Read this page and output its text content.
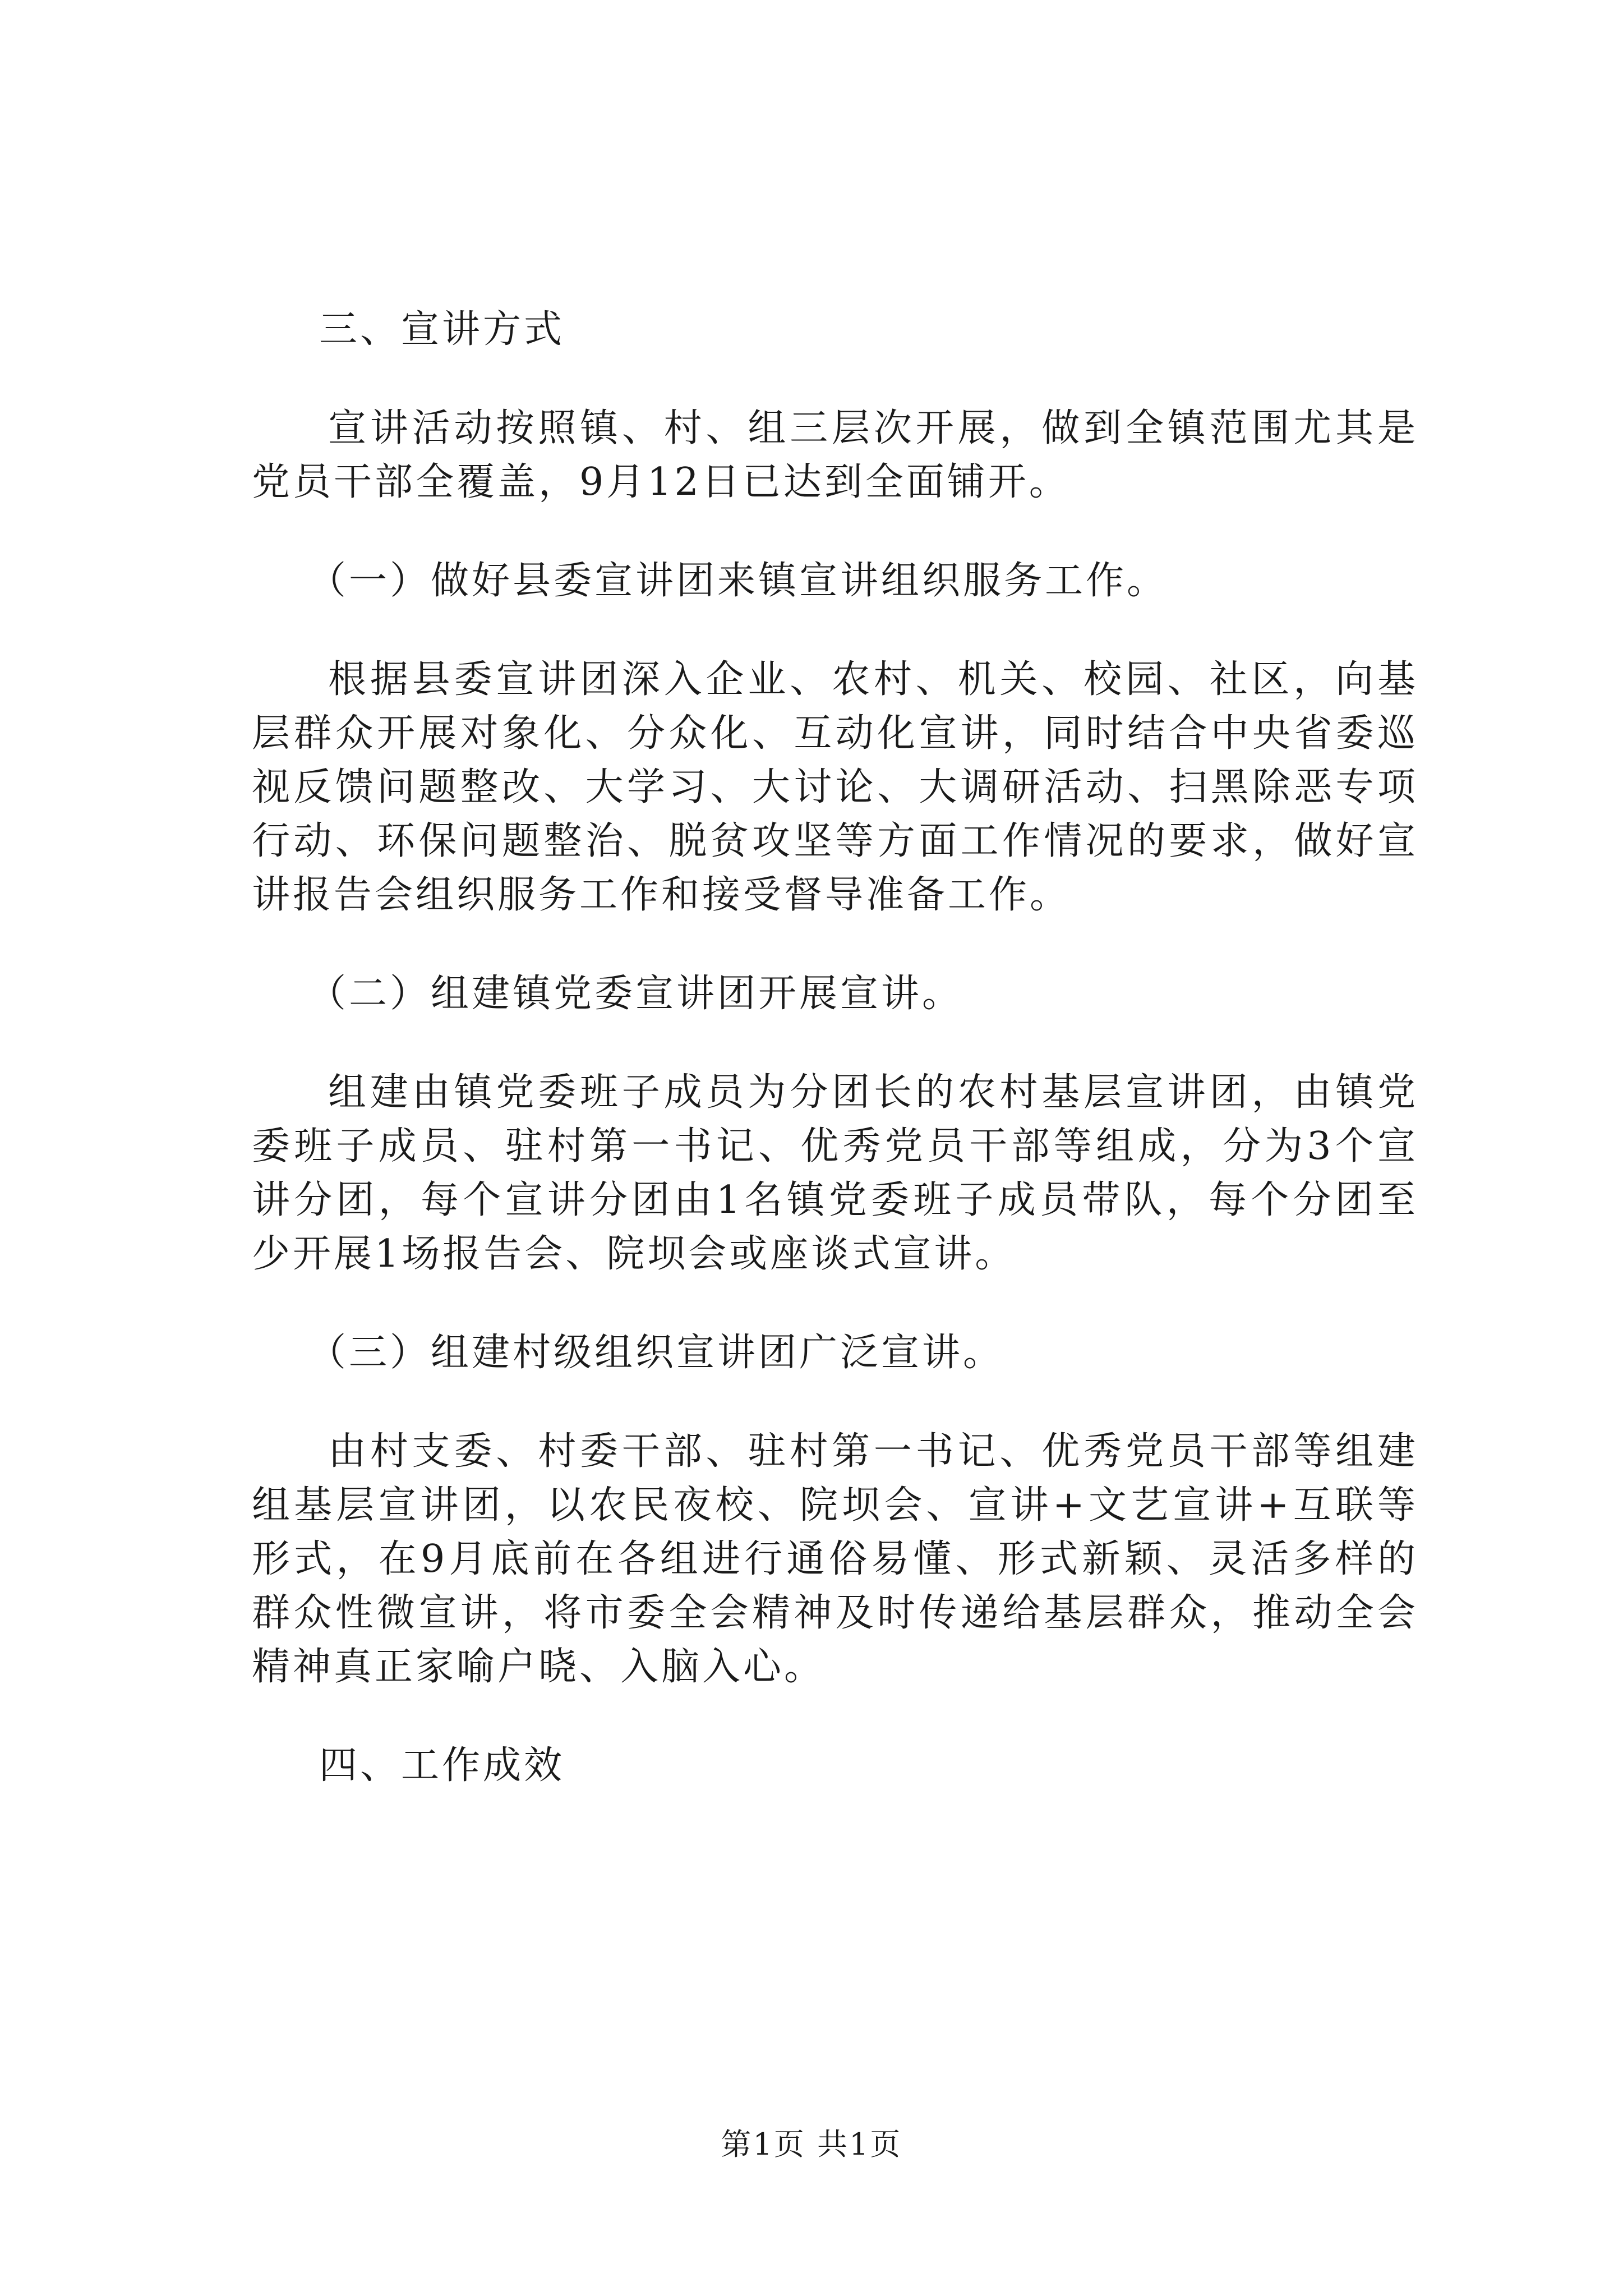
三、宣讲方式

宣讲活动按照镇、村、组三层次开展，做到全镇范围尤其是党员干部全覆盖，9月12日已达到全面铺开。

（一）做好县委宣讲团来镇宣讲组织服务工作。

根据县委宣讲团深入企业、农村、机关、校园、社区，向基层群众开展对象化、分众化、互动化宣讲，同时结合中央省委巡视反馈问题整改、大学习、大讨论、大调研活动、扫黑除恶专项行动、环保问题整治、脱贫攻坚等方面工作情况的要求，做好宣讲报告会组织服务工作和接受督导准备工作。

（二）组建镇党委宣讲团开展宣讲。

组建由镇党委班子成员为分团长的农村基层宣讲团，由镇党委班子成员、驻村第一书记、优秀党员干部等组成，分为3个宣讲分团，每个宣讲分团由1名镇党委班子成员带队，每个分团至少开展1场报告会、院坝会或座谈式宣讲。

（三）组建村级组织宣讲团广泛宣讲。

由村支委、村委干部、驻村第一书记、优秀党员干部等组建组基层宣讲团，以农民夜校、院坝会、宣讲+文艺宣讲+互联等形式，在9月底前在各组进行通俗易懂、形式新颖、灵活多样的群众性微宣讲，将市委全会精神及时传递给基层群众，推动全会精神真正家喻户晓、入脑入心。

四、工作成效

第1页 共1页
